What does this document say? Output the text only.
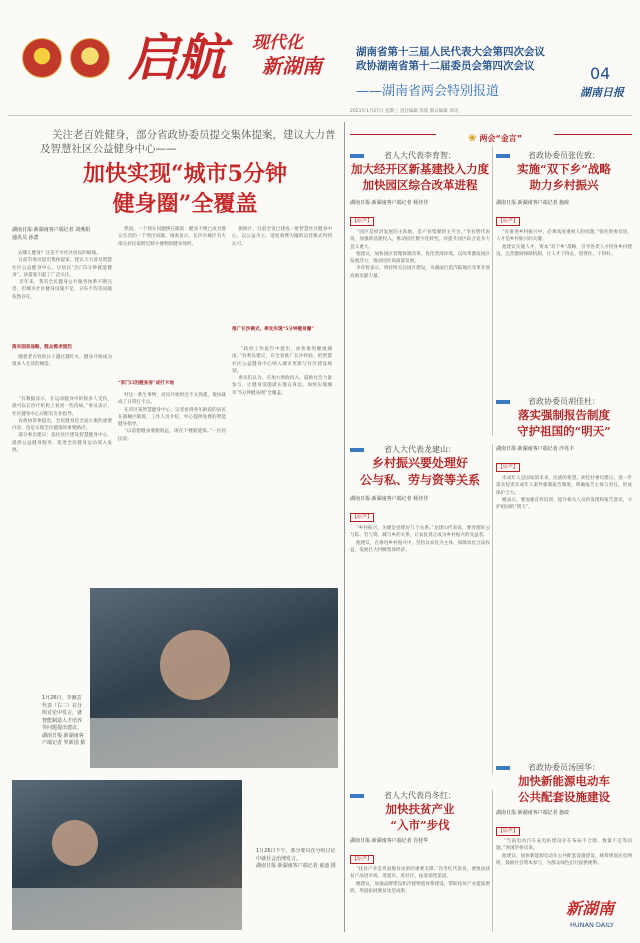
启航 现代化
新湖南
湖南省第十三届人民代表大会第四次会议
政协湖南省第十二届委员会第四次会议
——湖南省两会特别报道
04
湖南日报
2021年1月27日 星期三 责任编辑 彭银 版式编辑 邓诗
关注老百姓健身，部分省政协委员提交集体提案，建议大力普及智慧社区公益健身中心——
加快实现“城市5分钟
健身圈”全覆盖
湖南日报·新湖南客户端记者 刘燕娟
通讯员 孙蔷
去哪儿健身？这是不少社区居民的烦恼。
日前有委员提出集体提案，建议大力普及智慧社区公益健身中心，让居民“出门5分钟就能健身”。该提案引起了广泛关注。
近年来，我省全民健身公共服务体系不断完善，但城市社区健身设施不足、分布不均等问题依然存在。
落实国家战略，群众需求强烈
随着老百姓的日子越过越红火，健身开始成为很多人生活的刚需。
“有数据显示，在运动健身中的很多人受伤，就可以在医疗机构上看到一些伤病。”委员表示，社区健身中心应配有专业指导。
省政协常委提出，全民健身是全面小康的重要内容，也是实现全民健康的重要路径。
部分委员建议：依托社区建设智慧健身中心，提供公益健身服务，促进全民健身运动深入发展。
然而，一个现实问题摆在眼前：健身不便已成为群众生活的一个突出问题。调查显示，长沙市城区有大部分居民家附近缺少便利的健身场所。
“家门口的健身房”成打卡地
对这一新生事物，居民开始时还不太熟悉，很快就成了日常打卡点。
在市区某智慧健身中心，记者看到各年龄段的居民在器械区锻炼，工作人员介绍，中心提供免费的智能健身指导。
“以前想健身要跑很远，现在下楼就能练。”一位居民说。
据统计，目前全省已建成一批智慧社区健身中心，以公益为主、适度收费为辅的运营模式得到认可。
推广长沙模式，率先实现“5分钟健身圈”
“政府工作报告中提出，加快推进健康湖南。”有委员建议，在全省推广长沙经验，把智慧社区公益健身中心纳入城市更新与社区建设规划。
委员们认为，应加大财政投入，鼓励社会力量参与，让健身设施就在群众身边，加快实现城市“5分钟健身圈”全覆盖。
1月26日，李佩芸代表（右二）在分组讨论中发言，就智能制造人才培养等问题提出建议。
湖南日报·新湖南客户端记者 罗新国 摄
1月26日下午，部分委员在分组讨论中就社会治理发言。
湖南日报·新湖南客户端记者 童迪 摄
❀ 两会“金言”
省人大代表李育智：
加大经开区新基建投入力度
加快园区综合改革进程
湖南日报·新湖南客户端记者 杨佳佳
【原声】
“园区是经济发展的主阵地，是产业集聚的主平台。”李育智代表说，加强新基建投入，推动园区数字化转型，对提升园区综合竞争力意义重大。
他建议，加快园区管理体制改革，优化营商环境，以改革激发园区发展活力，推动园区高质量发展。
李育智表示，将持续关注园区建设，为湖南打造内陆地区改革开放高地贡献力量。
省政协委员张佐致：
实施“双下乡”战略
助力乡村振兴
湖南日报·新湖南客户端记者 施政
【原声】
“在推进乡村振兴中，必须高度重视人的问题。”张佐致委员说，人才是乡村振兴的关键。
他建议实施人才、资本“双下乡”战略，引导各类人才投身乡村建设，完善激励保障机制，让人才下得去、留得住、干得好。
省人大代表龙建山：
乡村振兴要处理好
公与私、劳与资等关系
湖南日报·新湖南客户端记者 杨佳佳
【原声】
“乡村振兴，关键是处理好几个关系。”龙建山代表说，要处理好公与私、劳与资、城与乡的关系，让农民真正成为乡村振兴的受益者。
他建议，在推进乡村振兴中，坚持以农民为主体，保障农民合法权益，发展壮大村级集体经济。
省政协委员胡佳杜：
落实强制报告制度
守护祖国的“明天”
湖南日报·新湖南客户端记者 沙兆丰
【原声】
未成年人是国家的未来、民族的希望。胡佳杜委员建议，进一步落实侵害未成年人案件强制报告制度，明确报告主体与责任，形成保护合力。
她表示，要加强宣传培训，提升相关人员的发现和报告意识，守护祖国的“明天”。
省人大代表肖冬红：
加快扶贫产业
“入市”步伐
湖南日报·新湖南客户端记者 肖桂华
【原声】
“扶贫产业是巩固脱贫成果的重要支撑。”肖冬红代表说，要推动扶贫产品进市场、进超市、进社区，拓宽销售渠道。
她建议，加强品牌建设和冷链物流体系建设，帮助扶贫产业提质增效，巩固拓展脱贫攻坚成果。
省政协委员汤国华：
加快新能源电动车
公共配套设施建设
湖南日报·新湖南客户端记者 施政
【原声】
“当前电动汽车充电桩建设存在布局不合理、数量不足等问题。”汤国华委员说。
他建议，加快新能源电动车公共配套设施建设，统筹规划充电网络，鼓励社会资本参与，为群众绿色出行提供便利。
新湖南
HUNAN DAILY
